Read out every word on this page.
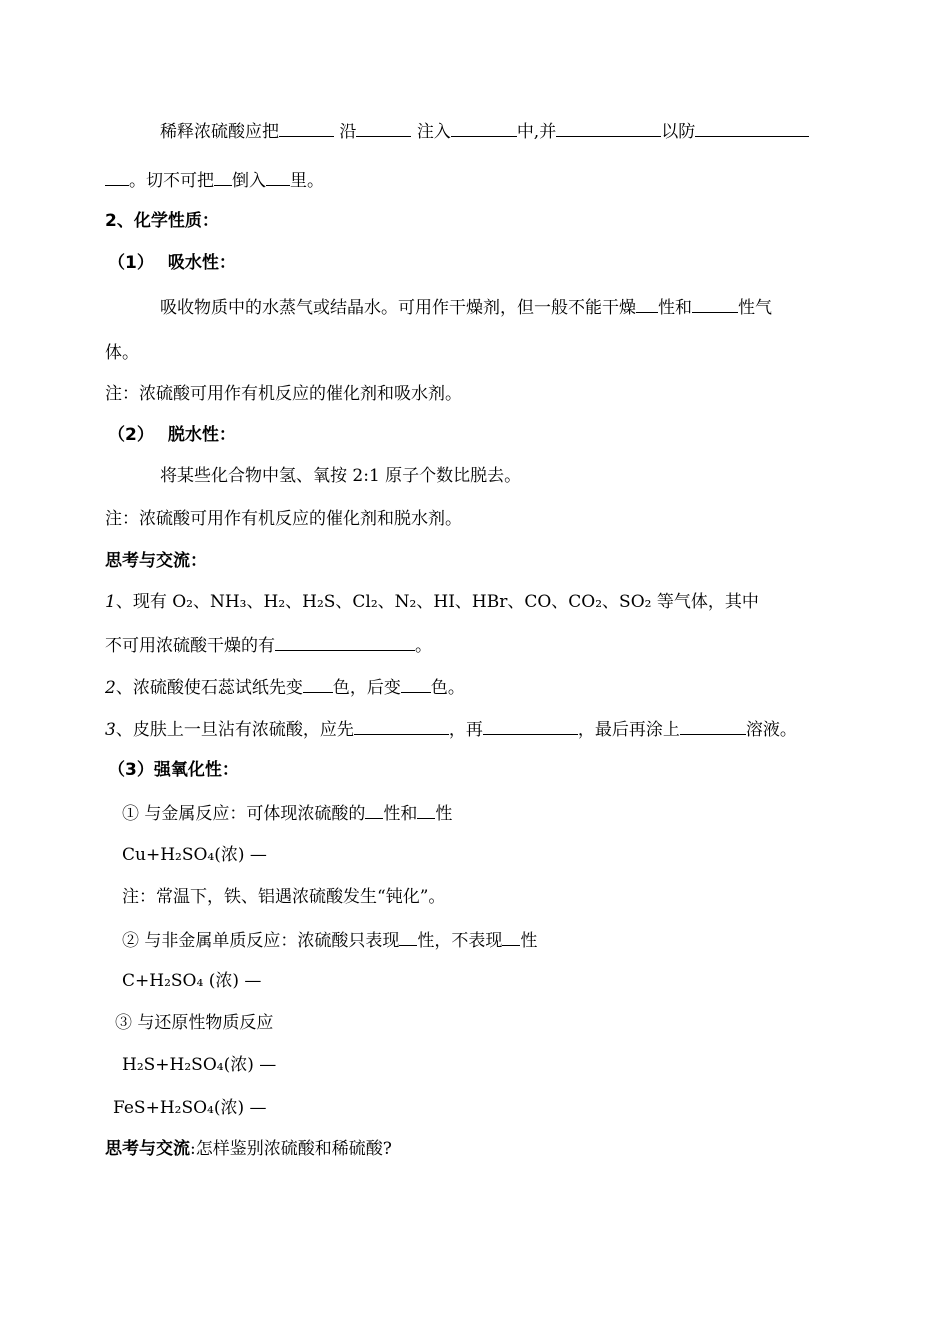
稀释浓硫酸应把	沿	注入	中,并	以防
。切不可把 倒入 里。
2、化学性质：
（1） 吸水性：
吸收物质中的水蒸气或结晶水。可用作干燥剂，但一般不能干燥 性和	性气
体。
注：浓硫酸可用作有机反应的催化剂和吸水剂。
（2） 脱水性：
将某些化合物中氢、氧按 2:1 原子个数比脱去。
注：浓硫酸可用作有机反应的催化剂和脱水剂。
思考与交流：
1、现有 O₂、NH₃、H₂、H₂S、Cl₂、N₂、HI、HBr、CO、CO₂、SO₂ 等气体，其中
不可用浓硫酸干燥的有	。
2、浓硫酸使石蕊试纸先变 色，后变 色。
3、皮肤上一旦沾有浓硫酸，应先	，再	，最后再涂上	溶液。
（3）强氧化性：
① 与金属反应：可体现浓硫酸的 性和 性
Cu+H₂SO₄(浓) —
注：常温下，铁、铝遇浓硫酸发生“钝化”。
② 与非金属单质反应：浓硫酸只表现 性，不表现 性
C+H₂SO₄ (浓) —
③ 与还原性物质反应
H₂S+H₂SO₄(浓) —
FeS+H₂SO₄(浓) —
思考与交流:怎样鉴别浓硫酸和稀硫酸?
